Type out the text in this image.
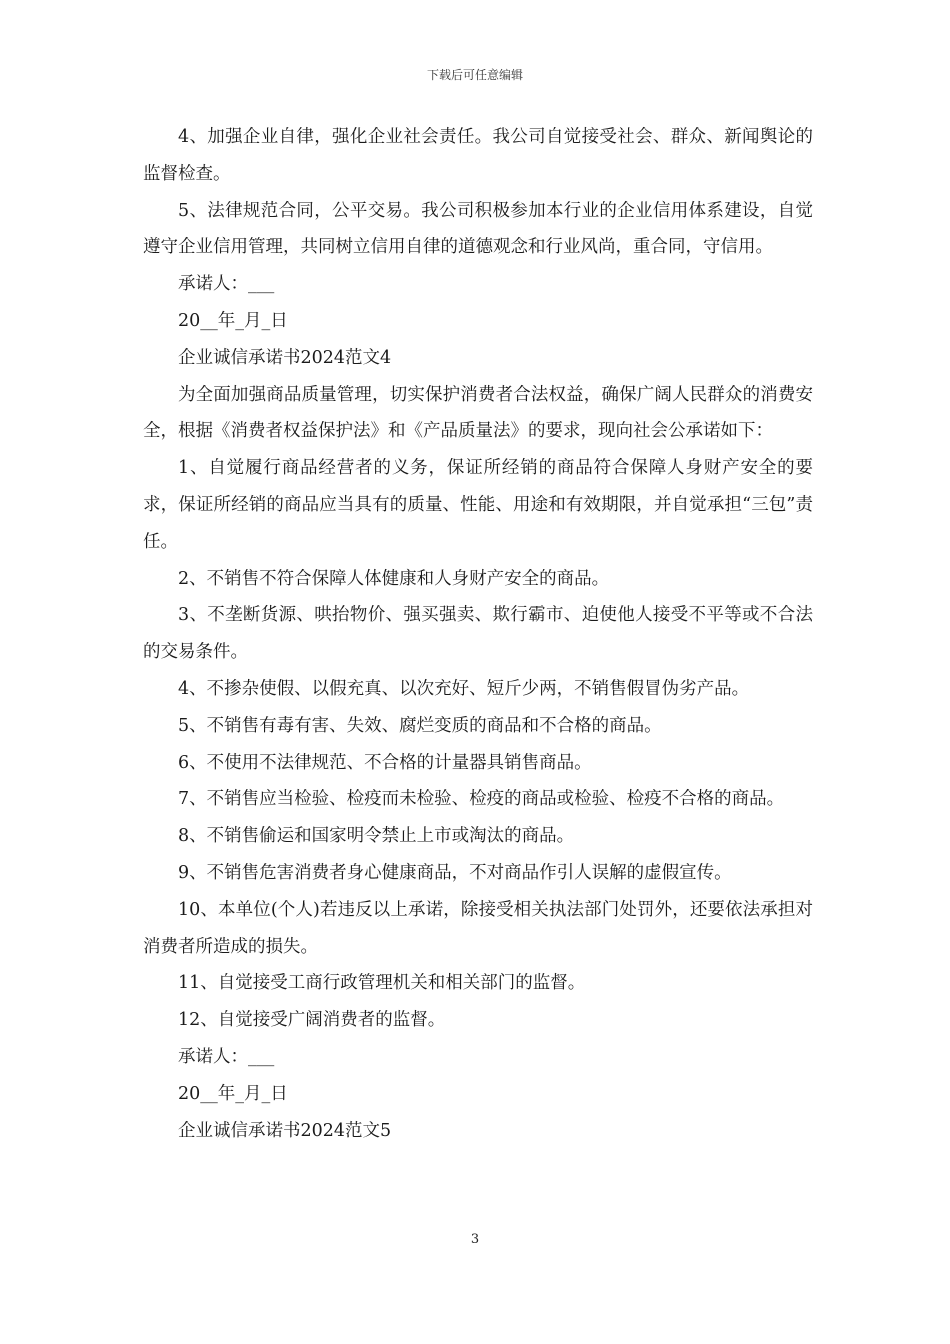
下载后可任意编辑

4、加强企业自律，强化企业社会责任。我公司自觉接受社会、群众、新闻舆论的监督检查。

5、法律规范合同，公平交易。我公司积极参加本行业的企业信用体系建设，自觉遵守企业信用管理，共同树立信用自律的道德观念和行业风尚，重合同，守信用。

承诺人：___

20__年_月_日

企业诚信承诺书2024范文4

为全面加强商品质量管理，切实保护消费者合法权益，确保广阔人民群众的消费安全，根据《消费者权益保护法》和《产品质量法》的要求，现向社会公承诺如下：

1、自觉履行商品经营者的义务，保证所经销的商品符合保障人身财产安全的要求，保证所经销的商品应当具有的质量、性能、用途和有效期限，并自觉承担“三包”责任。

2、不销售不符合保障人体健康和人身财产安全的商品。

3、不垄断货源、哄抬物价、强买强卖、欺行霸市、迫使他人接受不平等或不合法的交易条件。

4、不掺杂使假、以假充真、以次充好、短斤少两，不销售假冒伪劣产品。

5、不销售有毒有害、失效、腐烂变质的商品和不合格的商品。

6、不使用不法律规范、不合格的计量器具销售商品。

7、不销售应当检验、检疫而未检验、检疫的商品或检验、检疫不合格的商品。

8、不销售偷运和国家明令禁止上市或淘汰的商品。

9、不销售危害消费者身心健康商品，不对商品作引人误解的虚假宣传。

10、本单位(个人)若违反以上承诺，除接受相关执法部门处罚外，还要依法承担对消费者所造成的损失。

11、自觉接受工商行政管理机关和相关部门的监督。

12、自觉接受广阔消费者的监督。

承诺人：___

20__年_月_日

企业诚信承诺书2024范文5

3
